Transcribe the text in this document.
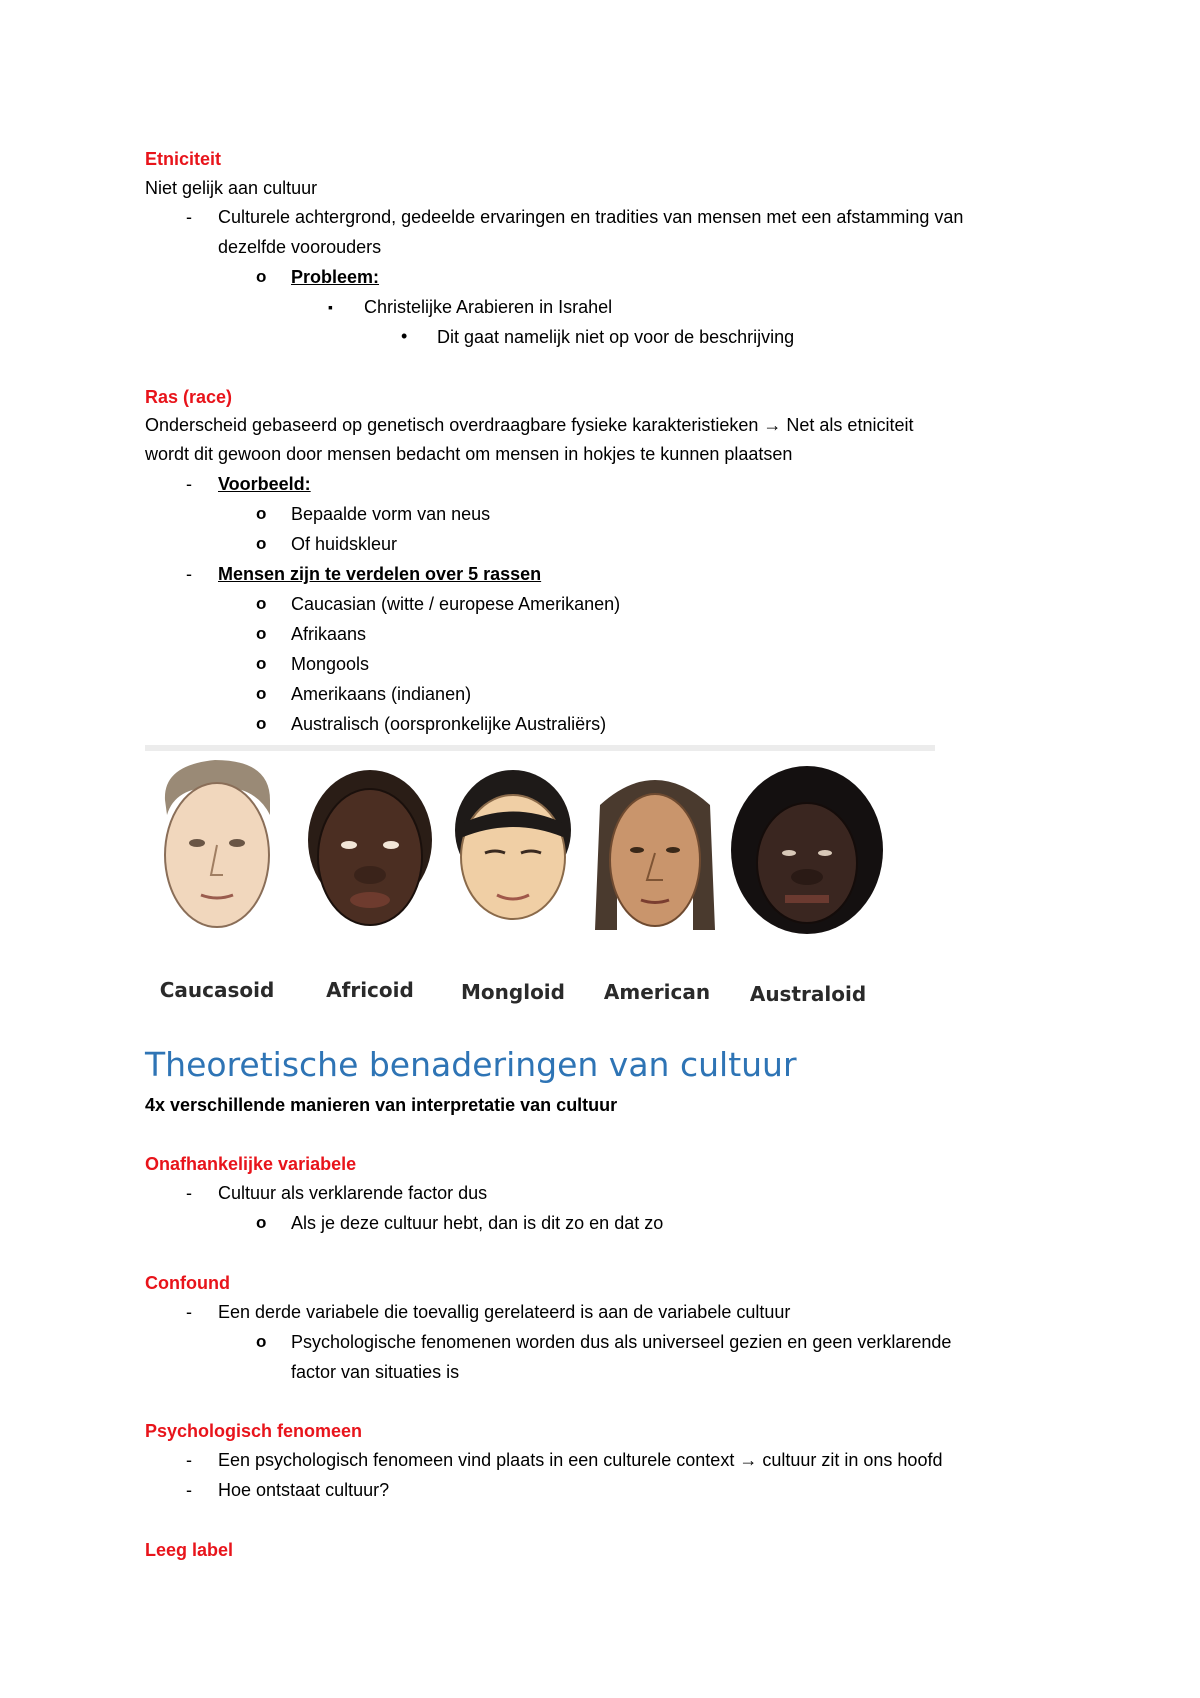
Etniciteit
Niet gelijk aan cultuur
- Culturele achtergrond, gedeelde ervaringen en tradities van mensen met een afstamming van
dezelfde voorouders
o Probleem:
▪ Christelijke Arabieren in Israhel
• Dit gaat namelijk niet op voor de beschrijving
Ras (race)
Onderscheid gebaseerd op genetisch overdraagbare fysieke karakteristieken → Net als etniciteit
wordt dit gewoon door mensen bedacht om mensen in hokjes te kunnen plaatsen
- Voorbeeld:
o Bepaalde vorm van neus
o Of huidskleur
- Mensen zijn te verdelen over 5 rassen
o Caucasian (witte / europese Amerikanen)
o Afrikaans
o Mongools
o Amerikaans (indianen)
o Australisch (oorspronkelijke Australiërs)
Caucasoid	Africoid Mongloid American Australoid
Theoretische benaderingen van cultuur
4x verschillende manieren van interpretatie van cultuur
Onafhankelijke variabele
- Cultuur als verklarende factor dus
o Als je deze cultuur hebt, dan is dit zo en dat zo
Confound
- Een derde variabele die toevallig gerelateerd is aan de variabele cultuur
o Psychologische fenomenen worden dus als universeel gezien en geen verklarende
factor van situaties is
Psychologisch fenomeen
- Een psychologisch fenomeen vind plaats in een culturele context → cultuur zit in ons hoofd
- Hoe ontstaat cultuur?
Leeg label
